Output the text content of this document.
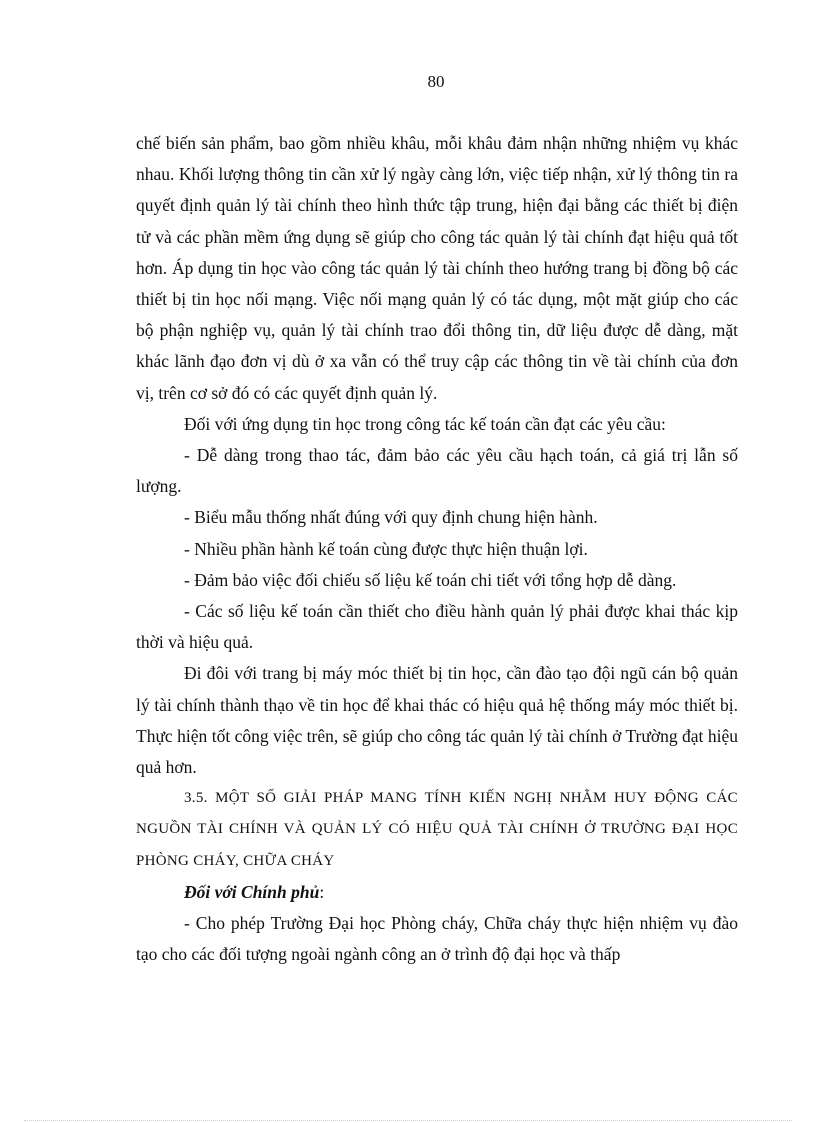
80

chế biến sản phẩm, bao gồm nhiều khâu, mỗi khâu đảm nhận những nhiệm vụ khác nhau. Khối lượng thông tin cần xử lý ngày càng lớn, việc tiếp nhận, xử lý thông tin ra quyết định quản lý tài chính theo hình thức tập trung, hiện đại bằng các thiết bị điện tử và các phần mềm ứng dụng sẽ giúp cho công tác quản lý tài chính đạt hiệu quả tốt hơn. Áp dụng tin học vào công tác quản lý tài chính theo hướng trang bị đồng bộ các thiết bị tin học nối mạng. Việc nối mạng quản lý có tác dụng, một mặt giúp cho các bộ phận nghiệp vụ, quản lý tài chính trao đổi thông tin, dữ liệu được dễ dàng, mặt khác lãnh đạo đơn vị dù ở xa vẫn có thể truy cập các thông tin về tài chính của đơn vị, trên cơ sở đó có các quyết định quản lý.

Đối với ứng dụng tin học trong công tác kế toán cần đạt các yêu cầu:

- Dễ dàng trong thao tác, đảm bảo các yêu cầu hạch toán, cả giá trị lẫn số lượng.

- Biểu mẫu thống nhất đúng với quy định chung hiện hành.

- Nhiều phần hành kế toán cùng được thực hiện thuận lợi.

- Đảm bảo việc đối chiếu số liệu kế toán chi tiết với tổng hợp dễ dàng.

- Các số liệu kế toán cần thiết cho điều hành quản lý phải được khai thác kịp thời và hiệu quả.

Đi đôi với trang bị máy móc thiết bị tin học, cần đào tạo đội ngũ cán bộ quản lý tài chính thành thạo về tin học để khai thác có hiệu quả hệ thống máy móc thiết bị. Thực hiện tốt công việc trên, sẽ giúp cho công tác quản lý tài chính ở Trường đạt hiệu quả hơn.

3.5. MỘT SỐ GIẢI PHÁP MANG TÍNH KIẾN NGHỊ NHẰM HUY ĐỘNG CÁC NGUỒN TÀI CHÍNH VÀ QUẢN LÝ CÓ HIỆU QUẢ TÀI CHÍNH Ở TRƯỜNG ĐẠI HỌC PHÒNG CHÁY, CHỮA CHÁY

Đối với Chính phủ:

- Cho phép Trường Đại học Phòng cháy, Chữa cháy thực hiện nhiệm vụ đào tạo cho các đối tượng ngoài ngành công an ở trình độ đại học và thấp
